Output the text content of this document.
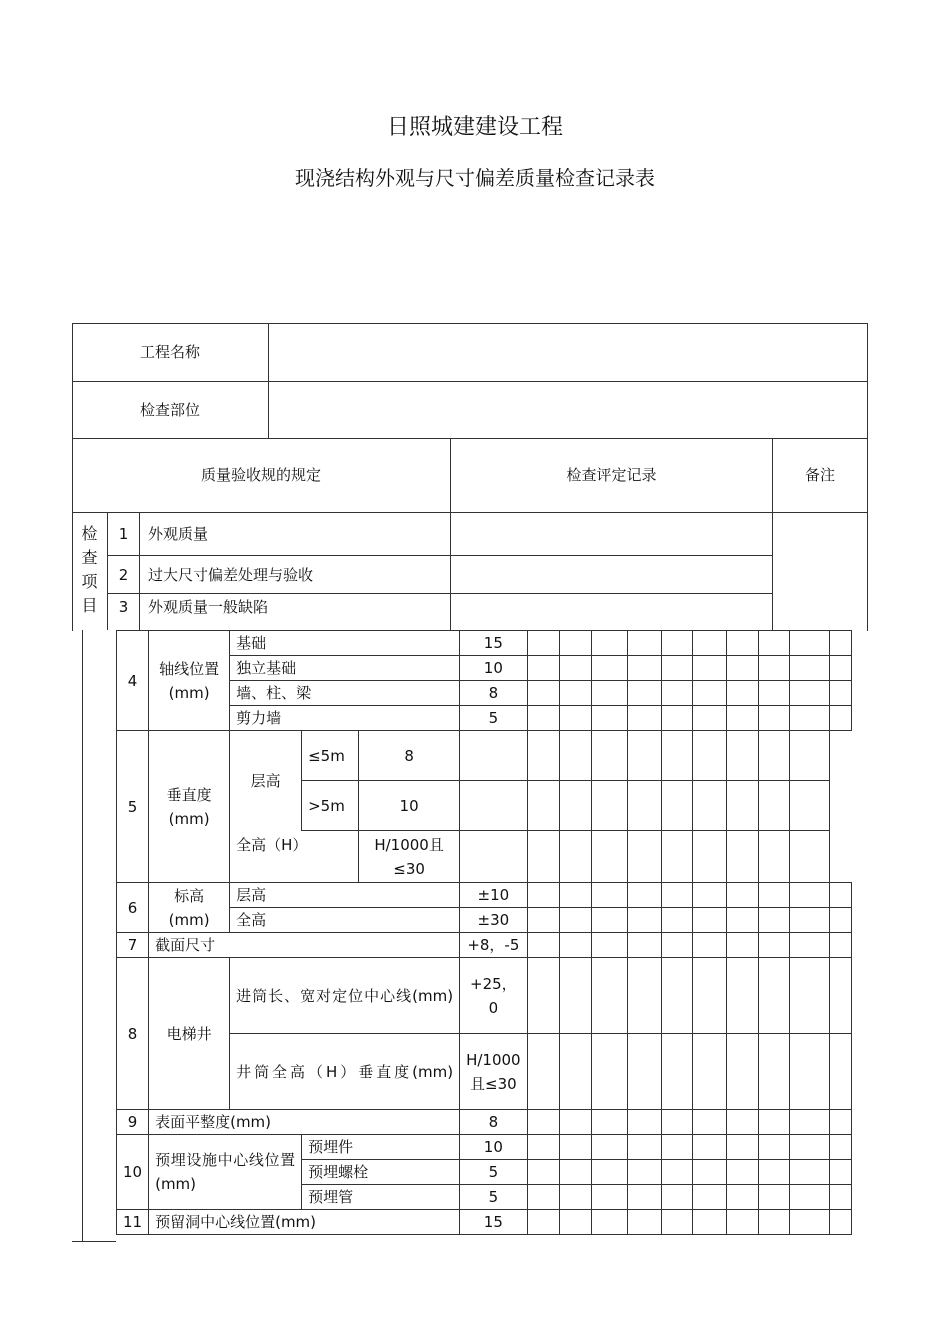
日照城建建设工程
现浇结构外观与尺寸偏差质量检查记录表
工程名称
检查部位
质量验收规的规定	检查评定记录	备注
检
查
项
目
1	外观质量
2	过大尺寸偏差处理与验收
3	外观质量一般缺陷
4	轴线位置(mm)	基础			15										
		独立基础			10										
		墙、柱、梁			8										
		剪力墙			5										
5	垂直度(mm)	层高	≤5m	8											
			>5m	10											
		全高（H）		H/1000且≤30											
6	标高(mm)	层高			±10										
		全高			±30										
7	截面尺寸				+8，-5										
8	电梯井	进筒长、宽对定位中心线(mm)			+25，0										
		井筒全高（H）垂直度(mm)			H/1000且≤30										
9	表面平整度(mm)				8										
10	预埋设施中心线位置(mm)		预埋件		10										
			预埋螺栓		5										
			预埋管		5										
11	预留洞中心线位置(mm)				15										
